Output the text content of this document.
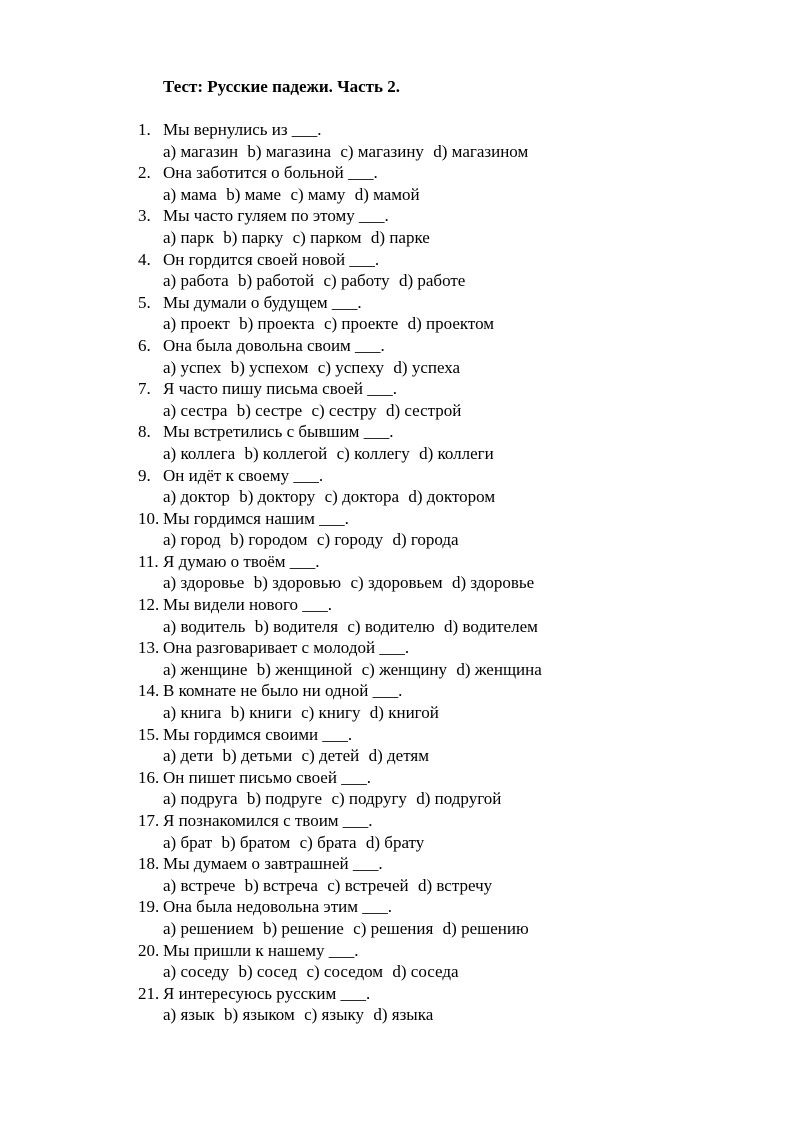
Тест: Русские падежи. Часть 2.
1. Мы вернулись из ___.
a) магазин b) магазина c) магазину d) магазином
2. Она заботится о больной ___.
a) мама b) маме c) маму d) мамой
3. Мы часто гуляем по этому ___.
a) парк b) парку c) парком d) парке
4. Он гордится своей новой ___.
a) работа b) работой c) работу d) работе
5. Мы думали о будущем ___.
a) проект b) проекта c) проекте d) проектом
6. Она была довольна своим ___.
a) успех b) успехом c) успеху d) успеха
7. Я часто пишу письма своей ___.
a) сестра b) сестре c) сестру d) сестрой
8. Мы встретились с бывшим ___.
a) коллега b) коллегой c) коллегу d) коллеги
9. Он идёт к своему ___.
a) доктор b) доктору c) доктора d) доктором
10. Мы гордимся нашим ___.
a) город b) городом c) городу d) города
11. Я думаю о твоём ___.
a) здоровье b) здоровью c) здоровьем d) здоровье
12. Мы видели нового ___.
a) водитель b) водителя c) водителю d) водителем
13. Она разговаривает с молодой ___.
a) женщине b) женщиной c) женщину d) женщина
14. В комнате не было ни одной ___.
a) книга b) книги c) книгу d) книгой
15. Мы гордимся своими ___.
a) дети b) детьми c) детей d) детям
16. Он пишет письмо своей ___.
a) подруга b) подруге c) подругу d) подругой
17. Я познакомился с твоим ___.
a) брат b) братом c) брата d) брату
18. Мы думаем о завтрашней ___.
a) встрече b) встреча c) встречей d) встречу
19. Она была недовольна этим ___.
a) решением b) решение c) решения d) решению
20. Мы пришли к нашему ___.
a) соседу b) сосед c) соседом d) соседа
21. Я интересуюсь русским ___.
a) язык b) языком c) языку d) языка
